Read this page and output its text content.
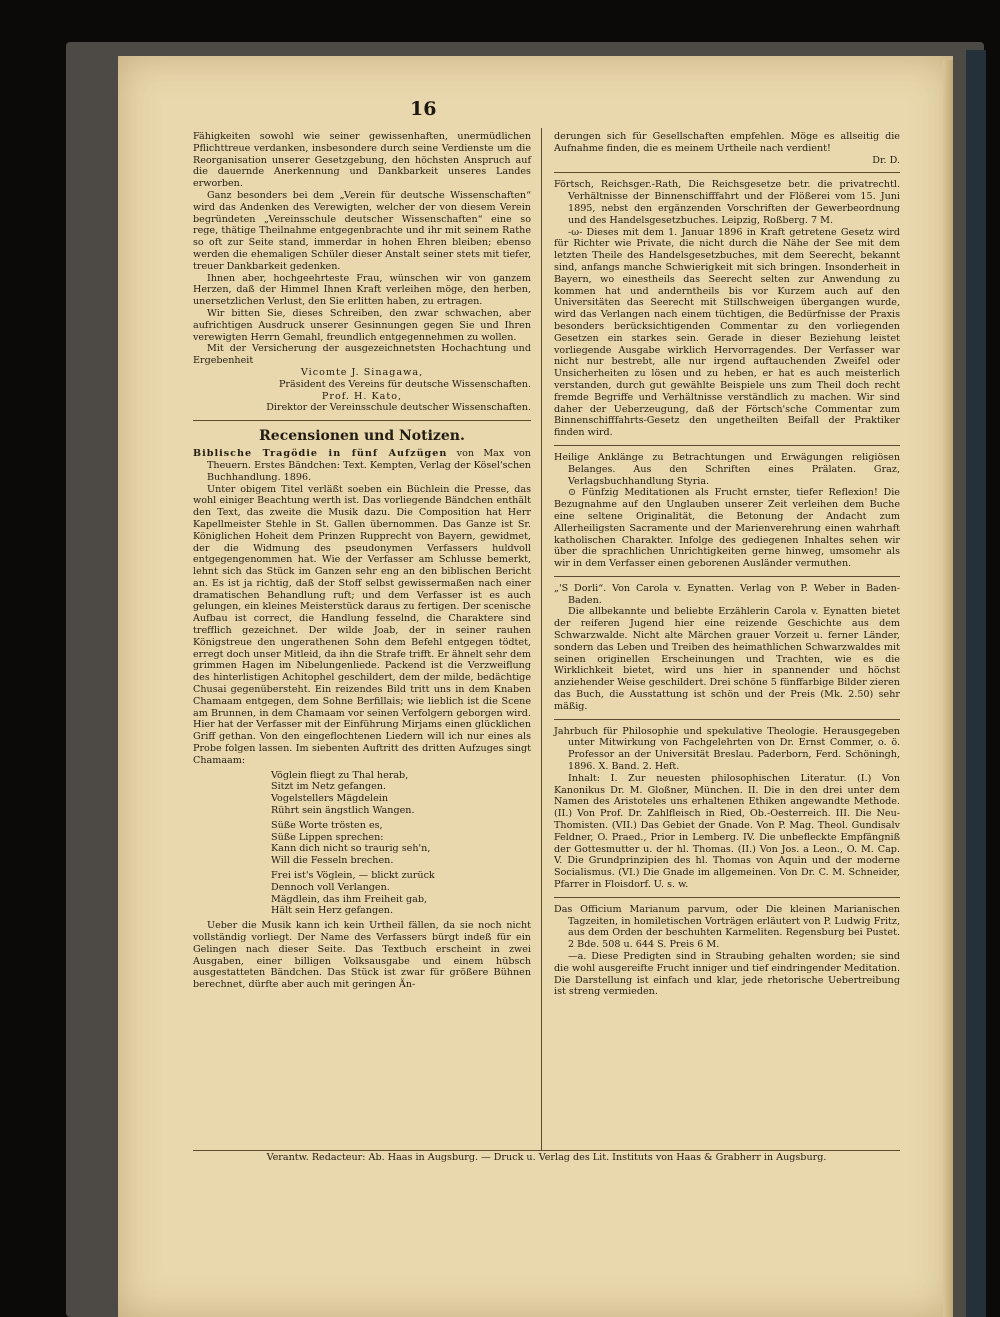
16

Fähigkeiten sowohl wie seiner gewissenhaften, unermüdlichen Pflichttreue verdanken, insbesondere durch seine Verdienste um die Reorganisation unserer Gesetzgebung, den höchsten Anspruch auf die dauernde Anerkennung und Dankbarkeit unseres Landes erworben.

Ganz besonders bei dem „Verein für deutsche Wissenschaften“ wird das Andenken des Verewigten, welcher der von diesem Verein begründeten „Vereinsschule deutscher Wissenschaften“ eine so rege, thätige Theilnahme entgegenbrachte und ihr mit seinem Rathe so oft zur Seite stand, immerdar in hohen Ehren bleiben; ebenso werden die ehemaligen Schüler dieser Anstalt seiner stets mit tiefer, treuer Dankbarkeit gedenken.

Ihnen aber, hochgeehrteste Frau, wünschen wir von ganzem Herzen, daß der Himmel Ihnen Kraft verleihen möge, den herben, unersetzlichen Verlust, den Sie erlitten haben, zu ertragen.

Wir bitten Sie, dieses Schreiben, den zwar schwachen, aber aufrichtigen Ausdruck unserer Gesinnungen gegen Sie und Ihren verewigten Herrn Gemahl, freundlich entgegennehmen zu wollen.

Mit der Versicherung der ausgezeichnetsten Hochachtung und Ergebenheit

Vicomte J. Sinagawa,
Präsident des Vereins für deutsche Wissenschaften.
Prof. H. Kato,
Direktor der Vereinsschule deutscher Wissenschaften.
Recensionen und Notizen.

Biblische Tragödie in fünf Aufzügen von Max von Theuern. Erstes Bändchen: Text. Kempten, Verlag der Kösel'schen Buchhandlung. 1896.

Unter obigem Titel verläßt soeben ein Büchlein die Presse, das wohl einiger Beachtung werth ist. Das vorliegende Bändchen enthält den Text, das zweite die Musik dazu. Die Composition hat Herr Kapellmeister Stehle in St. Gallen übernommen. Das Ganze ist Sr. Königlichen Hoheit dem Prinzen Rupprecht von Bayern, gewidmet, der die Widmung des pseudonymen Verfassers huldvoll entgegengenommen hat. Wie der Verfasser am Schlusse bemerkt, lehnt sich das Stück im Ganzen sehr eng an den biblischen Bericht an. Es ist ja richtig, daß der Stoff selbst gewissermaßen nach einer dramatischen Behandlung ruft; und dem Verfasser ist es auch gelungen, ein kleines Meisterstück daraus zu fertigen. Der scenische Aufbau ist correct, die Handlung fesselnd, die Charaktere sind trefflich gezeichnet. Der wilde Joab, der in seiner rauhen Königstreue den ungerathenen Sohn dem Befehl entgegen tödtet, erregt doch unser Mitleid, da ihn die Strafe trifft. Er ähnelt sehr dem grimmen Hagen im Nibelungenliede. Packend ist die Verzweiflung des hinterlistigen Achitophel geschildert, dem der milde, bedächtige Chusai gegenübersteht. Ein reizendes Bild tritt uns in dem Knaben Chamaam entgegen, dem Sohne Berfillais; wie lieblich ist die Scene am Brunnen, in dem Chamaam vor seinen Verfolgern geborgen wird. Hier hat der Verfasser mit der Einführung Mirjams einen glücklichen Griff gethan. Von den eingeflochtenen Liedern will ich nur eines als Probe folgen lassen. Im siebenten Auftritt des dritten Aufzuges singt Chamaam:

Vöglein fliegt zu Thal herab,
Sitzt im Netz gefangen.
Vogelstellers Mägdelein
Rührt sein ängstlich Wangen.
Süße Worte trösten es,
Süße Lippen sprechen:
Kann dich nicht so traurig seh'n,
Will die Fesseln brechen.
Frei ist's Vöglein, — blickt zurück
Dennoch voll Verlangen.
Mägdlein, das ihm Freiheit gab,
Hält sein Herz gefangen.

Ueber die Musik kann ich kein Urtheil fällen, da sie noch nicht vollständig vorliegt. Der Name des Verfassers bürgt indeß für ein Gelingen nach dieser Seite. Das Textbuch erscheint in zwei Ausgaben, einer billigen Volksausgabe und einem hübsch ausgestatteten Bändchen. Das Stück ist zwar für größere Bühnen berechnet, dürfte aber auch mit geringen Än-

derungen sich für Gesellschaften empfehlen. Möge es allseitig die Aufnahme finden, die es meinem Urtheile nach verdient!

Dr. D.

Förtsch, Reichsger.-Rath, Die Reichsgesetze betr. die privatrechtl. Verhältnisse der Binnenschifffahrt und der Flößerei vom 15. Juni 1895, nebst den ergänzenden Vorschriften der Gewerbeordnung und des Handelsgesetzbuches. Leipzig, Roßberg. 7 M.

-ω- Dieses mit dem 1. Januar 1896 in Kraft getretene Gesetz wird für Richter wie Private, die nicht durch die Nähe der See mit dem letzten Theile des Handelsgesetzbuches, mit dem Seerecht, bekannt sind, anfangs manche Schwierigkeit mit sich bringen. Insonderheit in Bayern, wo einestheils das Seerecht selten zur Anwendung zu kommen hat und anderntheils bis vor Kurzem auch auf den Universitäten das Seerecht mit Stillschweigen übergangen wurde, wird das Verlangen nach einem tüchtigen, die Bedürfnisse der Praxis besonders berücksichtigenden Commentar zu den vorliegenden Gesetzen ein starkes sein. Gerade in dieser Beziehung leistet vorliegende Ausgabe wirklich Hervorragendes. Der Verfasser war nicht nur bestrebt, alle nur irgend auftauchenden Zweifel oder Unsicherheiten zu lösen und zu heben, er hat es auch meisterlich verstanden, durch gut gewählte Beispiele uns zum Theil doch recht fremde Begriffe und Verhältnisse verständlich zu machen. Wir sind daher der Ueberzeugung, daß der Förtsch'sche Commentar zum Binnenschifffahrts-Gesetz den ungetheilten Beifall der Praktiker finden wird.

Heilige Anklänge zu Betrachtungen und Erwägungen religiösen Belanges. Aus den Schriften eines Prälaten. Graz, Verlagsbuchhandlung Styria.

⊙ Fünfzig Meditationen als Frucht ernster, tiefer Reflexion! Die Bezugnahme auf den Unglauben unserer Zeit verleihen dem Buche eine seltene Originalität, die Betonung der Andacht zum Allerheiligsten Sacramente und der Marienverehrung einen wahrhaft katholischen Charakter. Infolge des gediegenen Inhaltes sehen wir über die sprachlichen Unrichtigkeiten gerne hinweg, umsomehr als wir in dem Verfasser einen geborenen Ausländer vermuthen.

„'S Dorli“. Von Carola v. Eynatten. Verlag von P. Weber in Baden-Baden.

Die allbekannte und beliebte Erzählerin Carola v. Eynatten bietet der reiferen Jugend hier eine reizende Geschichte aus dem Schwarzwalde. Nicht alte Märchen grauer Vorzeit u. ferner Länder, sondern das Leben und Treiben des heimathlichen Schwarzwaldes mit seinen originellen Erscheinungen und Trachten, wie es die Wirklichkeit bietet, wird uns hier in spannender und höchst anziehender Weise geschildert. Drei schöne 5 fünffarbige Bilder zieren das Buch, die Ausstattung ist schön und der Preis (Mk. 2.50) sehr mäßig.

Jahrbuch für Philosophie und spekulative Theologie. Herausgegeben unter Mitwirkung von Fachgelehrten von Dr. Ernst Commer, o. ö. Professor an der Universität Breslau. Paderborn, Ferd. Schöningh, 1896. X. Band. 2. Heft.

Inhalt: I. Zur neuesten philosophischen Literatur. (I.) Von Kanonikus Dr. M. Gloßner, München. II. Die in den drei unter dem Namen des Aristoteles uns erhaltenen Ethiken angewandte Methode. (II.) Von Prof. Dr. Zahlfleisch in Ried, Ob.-Oesterreich. III. Die Neu-Thomisten. (VII.) Das Gebiet der Gnade. Von P. Mag. Theol. Gundisalv Feldner, O. Praed., Prior in Lemberg. IV. Die unbefleckte Empfängniß der Gottesmutter u. der hl. Thomas. (II.) Von Jos. a Leon., O. M. Cap. V. Die Grundprinzipien des hl. Thomas von Aquin und der moderne Socialismus. (VI.) Die Gnade im allgemeinen. Von Dr. C. M. Schneider, Pfarrer in Floisdorf. U. s. w.

Das Officium Marianum parvum, oder Die kleinen Marianischen Tagzeiten, in homiletischen Vorträgen erläutert von P. Ludwig Fritz, aus dem Orden der beschuhten Karmeliten. Regensburg bei Pustet. 2 Bde. 508 u. 644 S. Preis 6 M.

—a. Diese Predigten sind in Straubing gehalten worden; sie sind die wohl ausgereifte Frucht inniger und tief eindringender Meditation. Die Darstellung ist einfach und klar, jede rhetorische Uebertreibung ist streng vermieden.

Verantw. Redacteur: Ab. Haas in Augsburg. — Druck u. Verlag des Lit. Instituts von Haas & Grabherr in Augsburg.
